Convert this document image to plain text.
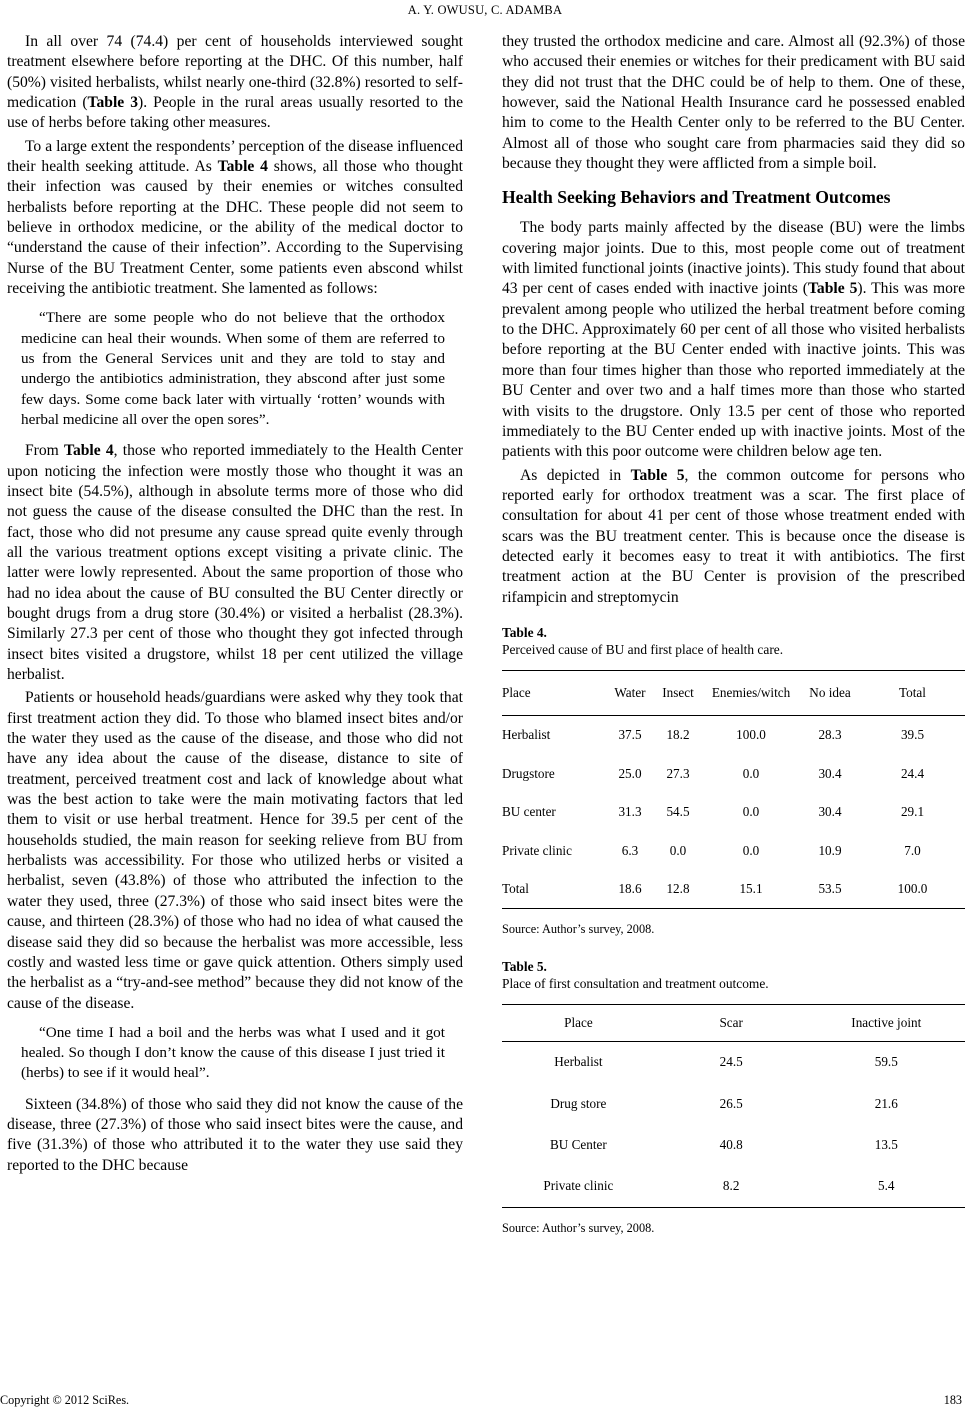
A. Y. OWUSU, C. ADAMBA

In all over 74 (74.4) per cent of households interviewed sought treatment elsewhere before reporting at the DHC. Of this number, half (50%) visited herbalists, whilst nearly one-third (32.8%) resorted to self-medication (Table 3). People in the rural areas usually resorted to the use of herbs before taking other measures.

To a large extent the respondents’ perception of the disease influenced their health seeking attitude. As Table 4 shows, all those who thought their infection was caused by their enemies or witches consulted herbalists before reporting at the DHC. These people did not seem to believe in orthodox medicine, or the ability of the medical doctor to “understand the cause of their infection”. According to the Supervising Nurse of the BU Treatment Center, some patients even abscond whilst receiving the antibiotic treatment. She lamented as follows:

“There are some people who do not believe that the orthodox medicine can heal their wounds. When some of them are referred to us from the General Services unit and they are told to stay and undergo the antibiotics administration, they abscond after just some few days. Some come back later with virtually ‘rotten’ wounds with herbal medicine all over the open sores”.

From Table 4, those who reported immediately to the Health Center upon noticing the infection were mostly those who thought it was an insect bite (54.5%), although in absolute terms more of those who did not guess the cause of the disease consulted the DHC than the rest. In fact, those who did not presume any cause spread quite evenly through all the various treatment options except visiting a private clinic. The latter were lowly represented. About the same proportion of those who had no idea about the cause of BU consulted the BU Center directly or bought drugs from a drug store (30.4%) or visited a herbalist (28.3%). Similarly 27.3 per cent of those who thought they got infected through insect bites visited a drugstore, whilst 18 per cent utilized the village herbalist.

Patients or household heads/guardians were asked why they took that first treatment action they did. To those who blamed insect bites and/or the water they used as the cause of the disease, and those who did not have any idea about the cause of the disease, distance to site of treatment, perceived treatment cost and lack of knowledge about what was the best action to take were the main motivating factors that led them to visit or use herbal treatment. Hence for 39.5 per cent of the households studied, the main reason for seeking relieve from BU from herbalists was accessibility. For those who utilized herbs or visited a herbalist, seven (43.8%) of those who attributed the infection to the water they used, three (27.3%) of those who said insect bites were the cause, and thirteen (28.3%) of those who had no idea of what caused the disease said they did so because the herbalist was more accessible, less costly and wasted less time or gave quick attention. Others simply used the herbalist as a “try-and-see method” because they did not know of the cause of the disease.

“One time I had a boil and the herbs was what I used and it got healed. So though I don’t know the cause of this disease I just tried it (herbs) to see if it would heal”.

Sixteen (34.8%) of those who said they did not know the cause of the disease, three (27.3%) of those who said insect bites were the cause, and five (31.3%) of those who attributed it to the water they use said they reported to the DHC because

they trusted the orthodox medicine and care. Almost all (92.3%) of those who accused their enemies or witches for their predicament with BU said they did not trust that the DHC could be of help to them. One of these, however, said the National Health Insurance card he possessed enabled him to come to the Health Center only to be referred to the BU Center. Almost all of those who sought care from pharmacies said they did so because they thought they were afflicted from a simple boil.

Health Seeking Behaviors and Treatment Outcomes

The body parts mainly affected by the disease (BU) were the limbs covering major joints. Due to this, most people come out of treatment with limited functional joints (inactive joints). This study found that about 43 per cent of cases ended with inactive joints (Table 5). This was more prevalent among people who utilized the herbal treatment before coming to the DHC. Approximately 60 per cent of all those who visited herbalists before reporting at the BU Center ended with inactive joints. This was more than four times higher than those who reported immediately at the BU Center and over two and a half times more than those who started with visits to the drugstore. Only 13.5 per cent of those who reported immediately to the BU Center ended up with inactive joints. Most of the patients with this poor outcome were children below age ten.

As depicted in Table 5, the common outcome for persons who reported early for orthodox treatment was a scar. The first place of consultation for about 41 per cent of those whose treatment ended with scars was the BU treatment center. This is because once the disease is detected early it becomes easy to treat it with antibiotics. The first treatment action at the BU Center is provision of the prescribed rifampicin and streptomycin

Table 4.
Perceived cause of BU and first place of health care.
Place	Water	Insect	Enemies/witch	No idea	Total
Herbalist	37.5	18.2	100.0	28.3	39.5
Drugstore	25.0	27.3	0.0	30.4	24.4
BU center	31.3	54.5	0.0	30.4	29.1
Private clinic	6.3	0.0	0.0	10.9	7.0
Total	18.6	12.8	15.1	53.5	100.0
Source: Author’s survey, 2008.
Table 5.
Place of first consultation and treatment outcome.
Place	Scar	Inactive joint
Herbalist	24.5	59.5
Drug store	26.5	21.6
BU Center	40.8	13.5
Private clinic	8.2	5.4
Source: Author’s survey, 2008.
Copyright © 2012 SciRes.	183
